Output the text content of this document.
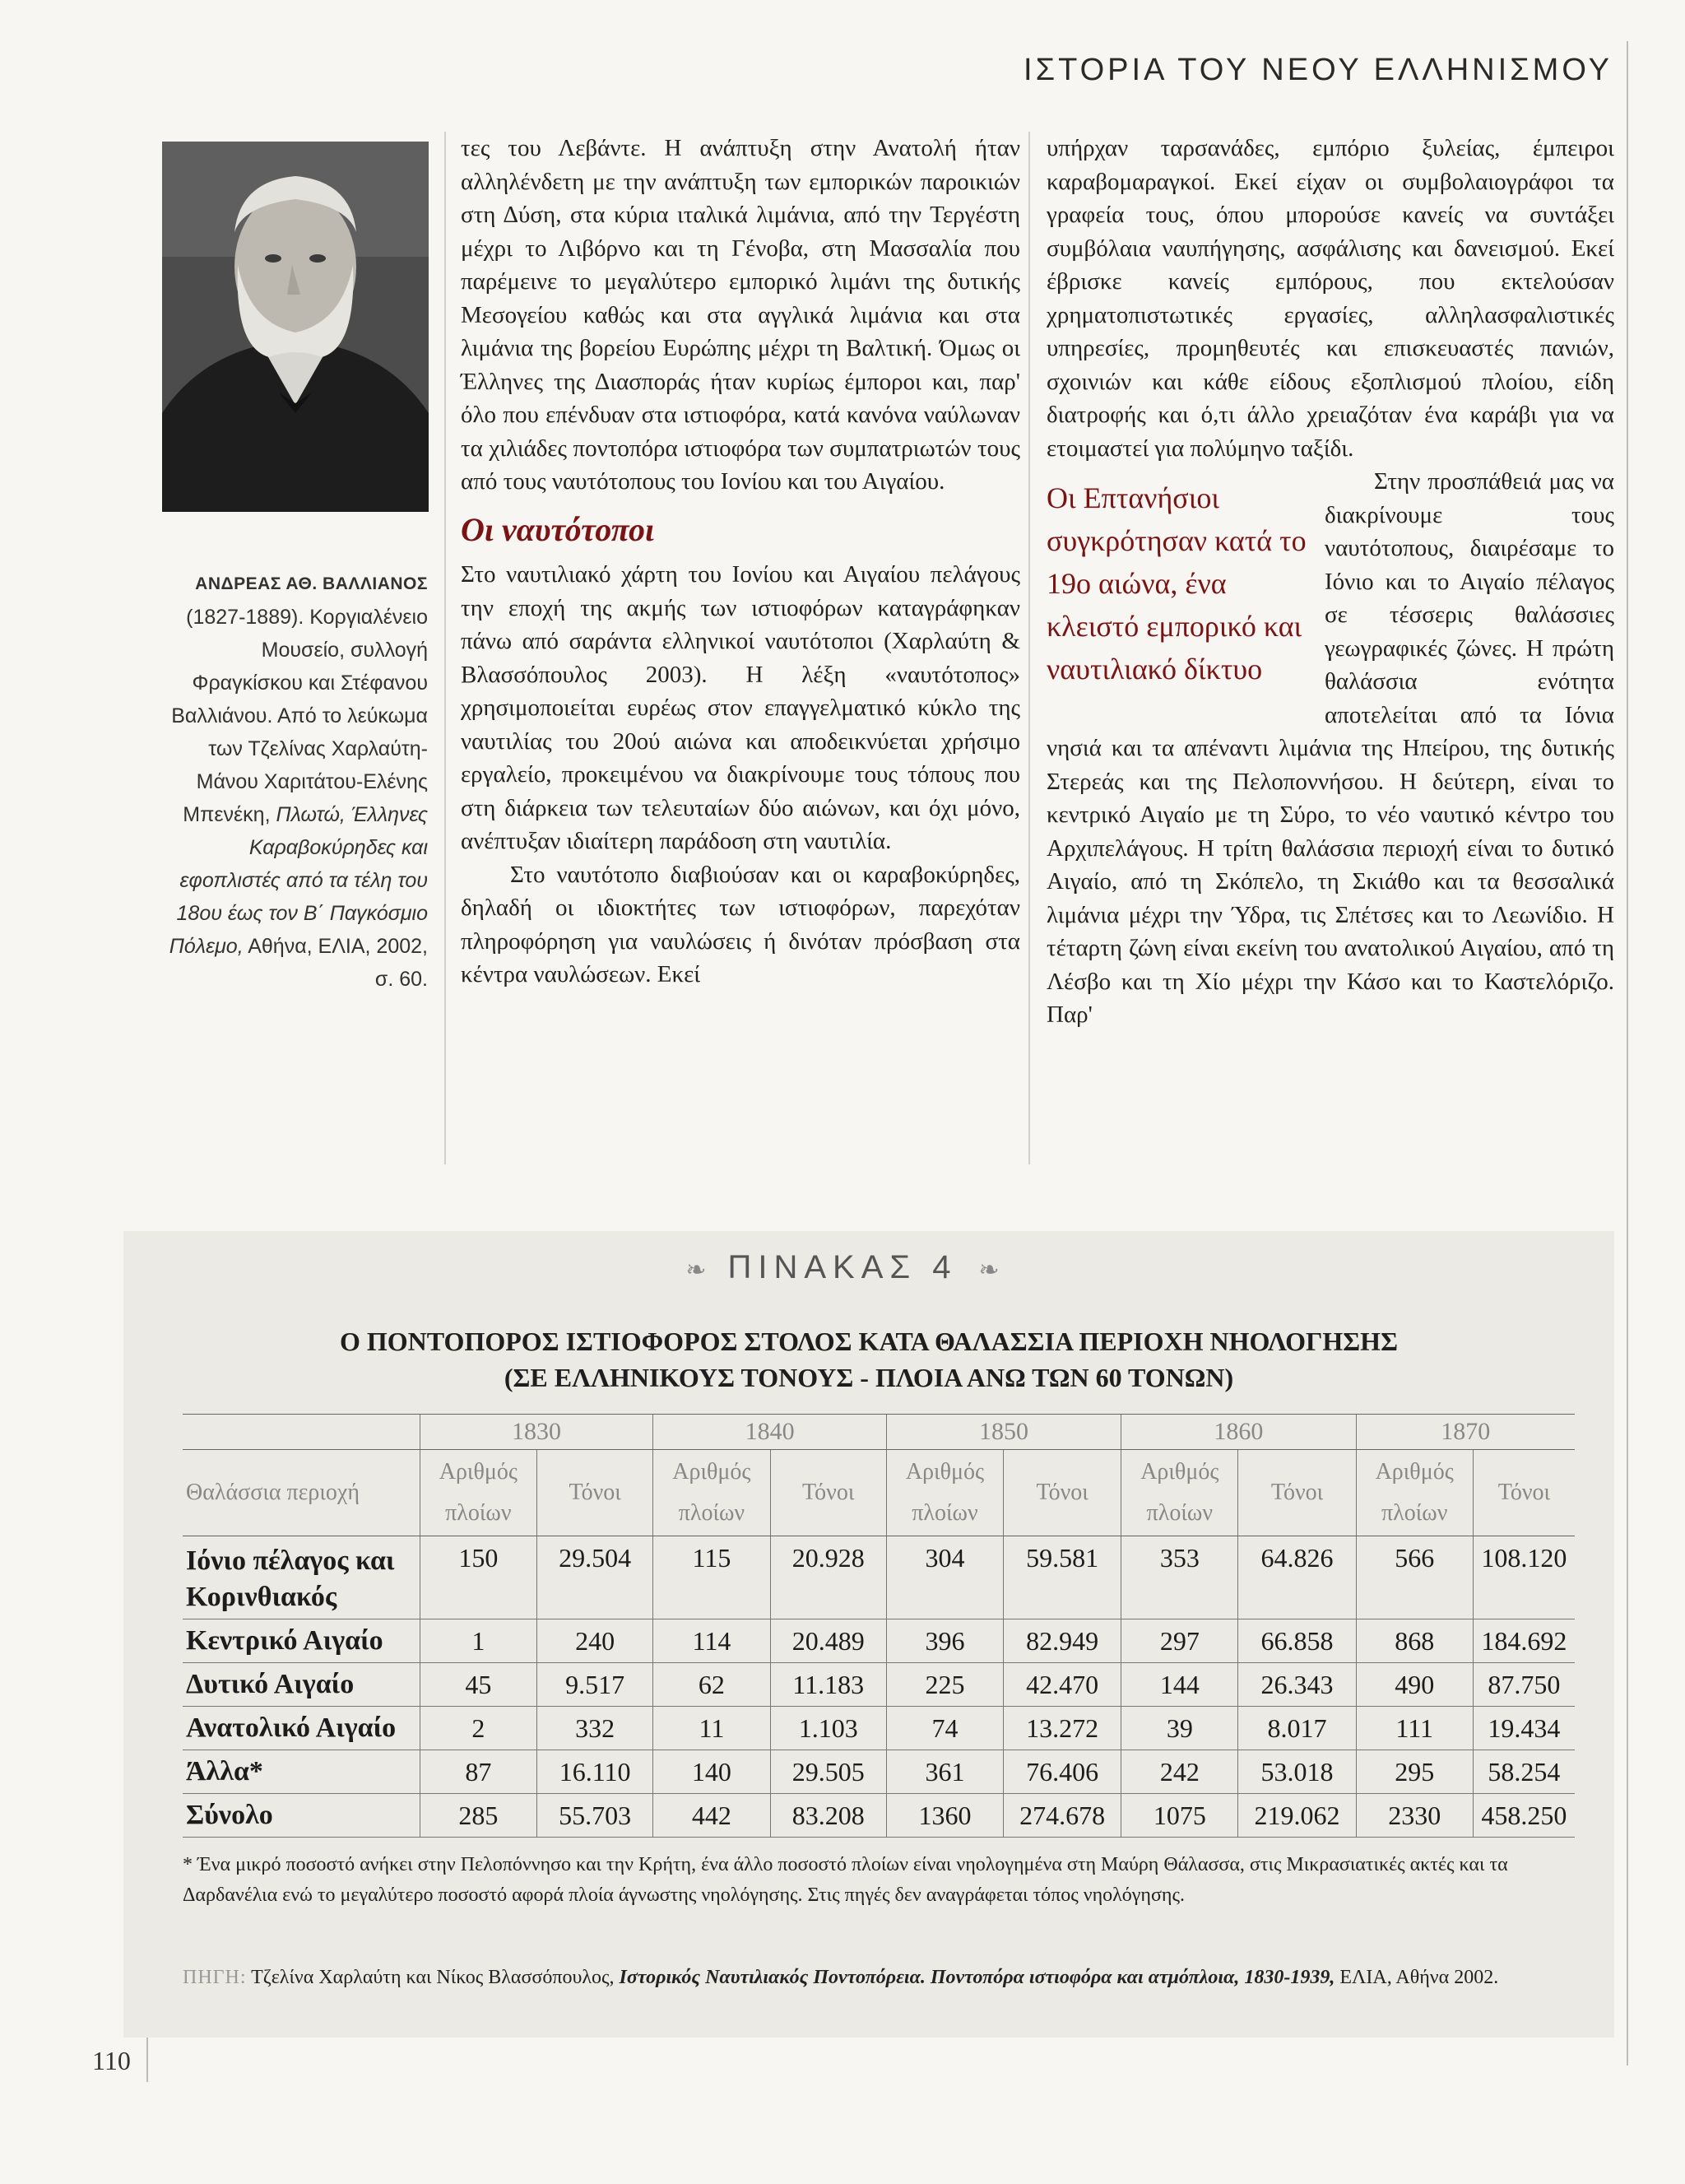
ΙΣΤΟΡΙΑ ΤΟΥ ΝΕΟΥ ΕΛΛΗΝΙΣΜΟΥ
ΑΝΔΡΕΑΣ ΑΘ. ΒΑΛΛΙΑΝΟΣ (1827-1889). Κοργιαλένειο Μουσείο, συλλογή Φραγκίσκου και Στέφανου Βαλλιάνου. Από το λεύκωμα των Τζελίνας Χαρλαύτη-Μάνου Χαριτάτου-Ελένης Μπενέκη, Πλωτώ, Έλληνες Καραβοκύρηδες και εφοπλιστές από τα τέλη του 18ου έως τον Β΄ Παγκόσμιο Πόλεμο, Αθήνα, ΕΛΙΑ, 2002, σ. 60.

τες του Λεβάντε. Η ανάπτυξη στην Ανατολή ήταν αλληλένδετη με την ανάπτυξη των εμπορικών παροικιών στη Δύση, στα κύρια ιταλικά λιμάνια, από την Τεργέστη μέχρι το Λιβόρνο και τη Γένοβα, στη Μασσαλία που παρέμεινε το μεγαλύτερο εμπορικό λιμάνι της δυτικής Μεσογείου καθώς και στα αγγλικά λιμάνια και στα λιμάνια της βορείου Ευρώπης μέχρι τη Βαλτική. Όμως οι Έλληνες της Διασποράς ήταν κυρίως έμποροι και, παρ' όλο που επένδυαν στα ιστιοφόρα, κατά κανόνα ναύλωναν τα χιλιάδες ποντοπόρα ιστιοφόρα των συμπατριωτών τους από τους ναυτότοπους του Ιονίου και του Αιγαίου.

Οι ναυτότοποι

Στο ναυτιλιακό χάρτη του Ιονίου και Αιγαίου πελάγους την εποχή της ακμής των ιστιοφόρων καταγράφηκαν πάνω από σαράντα ελληνικοί ναυτότοποι (Χαρλαύτη & Βλασσόπουλος 2003). Η λέξη «ναυτότοπος» χρησιμοποιείται ευρέως στον επαγγελματικό κύκλο της ναυτιλίας του 20ού αιώνα και αποδεικνύεται χρήσιμο εργαλείο, προκειμένου να διακρίνουμε τους τόπους που στη διάρκεια των τελευταίων δύο αιώνων, και όχι μόνο, ανέπτυξαν ιδιαίτερη παράδοση στη ναυτιλία.

Στο ναυτότοπο διαβιούσαν και οι καραβοκύρηδες, δηλαδή οι ιδιοκτήτες των ιστιοφόρων, παρεχόταν πληροφόρηση για ναυλώσεις ή δινόταν πρόσβαση στα κέντρα ναυλώσεων. Εκεί

υπήρχαν ταρσανάδες, εμπόριο ξυλείας, έμπειροι καραβομαραγκοί. Εκεί είχαν οι συμβολαιογράφοι τα γραφεία τους, όπου μπορούσε κανείς να συντάξει συμβόλαια ναυπήγησης, ασφάλισης και δανεισμού. Εκεί έβρισκε κανείς εμπόρους, που εκτελούσαν χρηματοπιστωτικές εργασίες, αλληλασφαλιστικές υπηρεσίες, προμηθευτές και επισκευαστές πανιών, σχοινιών και κάθε είδους εξοπλισμού πλοίου, είδη διατροφής και ό,τι άλλο χρειαζόταν ένα καράβι για να ετοιμαστεί για πολύμηνο ταξίδι.

Οι Επτανήσιοι συγκρότησαν κατά το 19ο αιώνα, ένα κλειστό εμπορικό και ναυτιλιακό δίκτυο

Στην προσπάθειά μας να διακρίνουμε τους ναυτότοπους, διαιρέσαμε το Ιόνιο και το Αιγαίο πέλαγος σε τέσσερις θαλάσσιες γεωγραφικές ζώνες. Η πρώτη θαλάσσια ενότητα αποτελείται από τα Ιόνια νησιά και τα απέναντι λιμάνια της Ηπείρου, της δυτικής Στερεάς και της Πελοποννήσου. Η δεύτερη, είναι το κεντρικό Αιγαίο με τη Σύρο, το νέο ναυτικό κέντρο του Αρχιπελάγους. Η τρίτη θαλάσσια περιοχή είναι το δυτικό Αιγαίο, από τη Σκόπελο, τη Σκιάθο και τα θεσσαλικά λιμάνια μέχρι την Ύδρα, τις Σπέτσες και το Λεωνίδιο. Η τέταρτη ζώνη είναι εκείνη του ανατολικού Αιγαίου, από τη Λέσβο και τη Χίο μέχρι την Κάσο και το Καστελόριζο. Παρ'

❧ ΠΙΝΑΚΑΣ 4 ❧
Ο ΠΟΝΤΟΠΟΡΟΣ ΙΣΤΙΟΦΟΡΟΣ ΣΤΟΛΟΣ ΚΑΤΑ ΘΑΛΑΣΣΙΑ ΠΕΡΙΟΧΗ ΝΗΟΛΟΓΗΣΗΣ
(ΣΕ ΕΛΛΗΝΙΚΟΥΣ ΤΟΝΟΥΣ - ΠΛΟΙΑ ΑΝΩ ΤΩΝ 60 ΤΟΝΩΝ)
	1830		1840		1850		1860		1870	
Θαλάσσια περιοχή	Αριθμός πλοίων	Τόνοι	Αριθμός πλοίων	Τόνοι	Αριθμός πλοίων	Τόνοι	Αριθμός πλοίων	Τόνοι	Αριθμός πλοίων	Τόνοι
Ιόνιο πέλαγος και Κορινθιακός	150	29.504	115	20.928	304	59.581	353	64.826	566	108.120
Κεντρικό Αιγαίο	1	240	114	20.489	396	82.949	297	66.858	868	184.692
Δυτικό Αιγαίο	45	9.517	62	11.183	225	42.470	144	26.343	490	87.750
Ανατολικό Αιγαίο	2	332	11	1.103	74	13.272	39	8.017	111	19.434
Άλλα*	87	16.110	140	29.505	361	76.406	242	53.018	295	58.254
Σύνολο	285	55.703	442	83.208	1360	274.678	1075	219.062	2330	458.250
* Ένα μικρό ποσοστό ανήκει στην Πελοπόννησο και την Κρήτη, ένα άλλο ποσοστό πλοίων είναι νηολογημένα στη Μαύρη Θάλασσα, στις Μικρασιατικές ακτές και τα Δαρδανέλια ενώ το μεγαλύτερο ποσοστό αφορά πλοία άγνωστης νηολόγησης. Στις πηγές δεν αναγράφεται τόπος νηολόγησης.
ΠΗΓΗ: Τζελίνα Χαρλαύτη και Νίκος Βλασσόπουλος, Ιστορικός Ναυτιλιακός Ποντοπόρεια. Ποντοπόρα ιστιοφόρα και ατμόπλοια, 1830-1939, ΕΛΙΑ, Αθήνα 2002.
110
